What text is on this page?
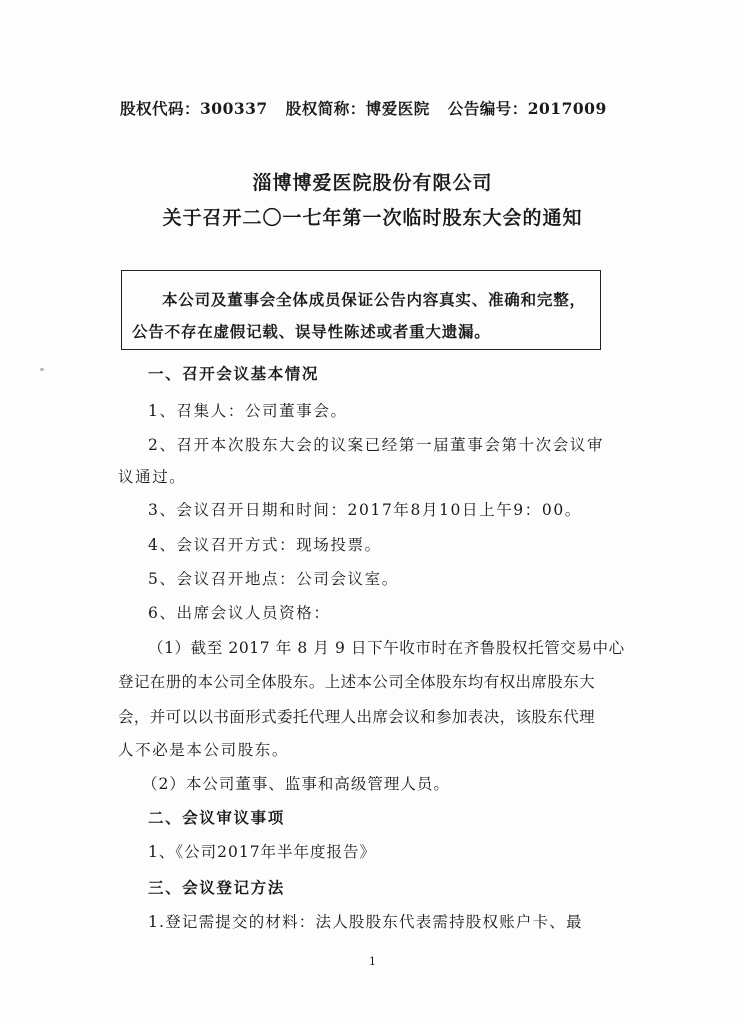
股权代码：300337 股权简称：博爱医院 公告编号：2017009
淄博博爱医院股份有限公司
关于召开二〇一七年第一次临时股东大会的通知
本公司及董事会全体成员保证公告内容真实、准确和完整，
公告不存在虚假记载、误导性陈述或者重大遗漏。
一、召开会议基本情况
1、召集人：公司董事会。
2、召开本次股东大会的议案已经第一届董事会第十次会议审
议通过。
3、会议召开日期和时间：2017年8月10日上午9：00。
4、会议召开方式：现场投票。
5、会议召开地点：公司会议室。
6、出席会议人员资格：
（1）截至 2017 年 8 月 9 日下午收市时在齐鲁股权托管交易中心
登记在册的本公司全体股东。上述本公司全体股东均有权出席股东大
会，并可以以书面形式委托代理人出席会议和参加表决，该股东代理
人不必是本公司股东。
（2）本公司董事、监事和高级管理人员。
二、会议审议事项
1、《公司2017年半年度报告》
三、会议登记方法
1.登记需提交的材料：法人股股东代表需持股权账户卡、最
1
